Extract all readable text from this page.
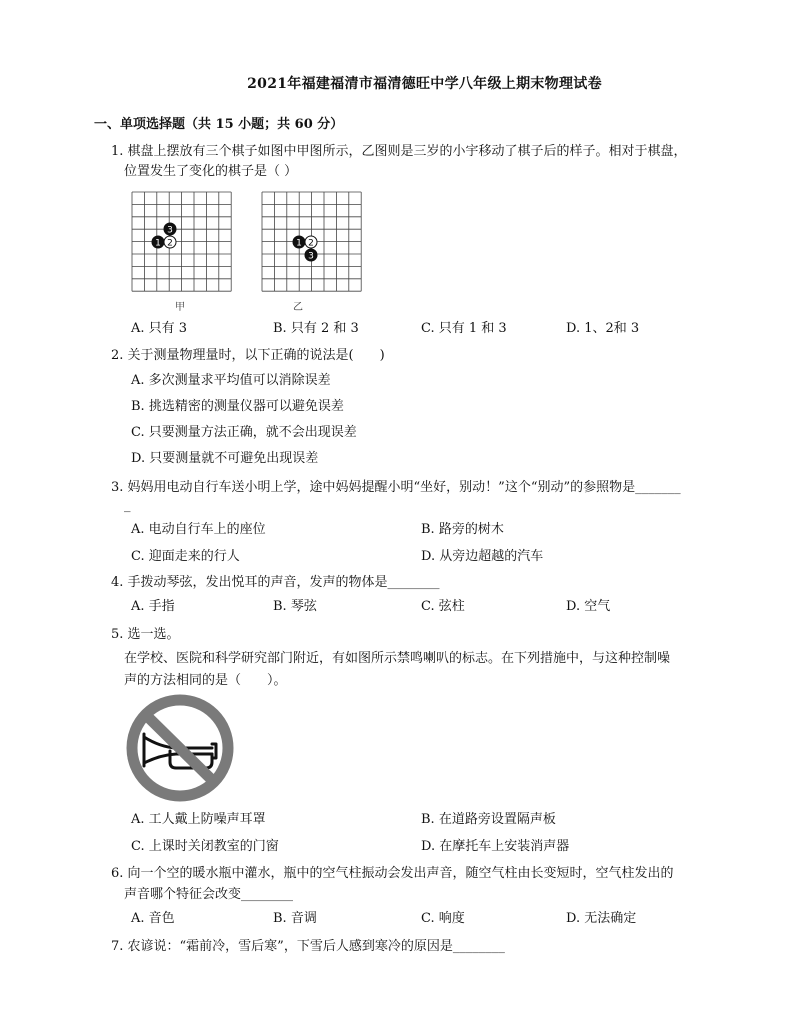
2021年福建福清市福清德旺中学八年级上期末物理试卷
一、单项选择题（共 15 小题；共 60 分）
1. 棋盘上摆放有三个棋子如图中甲图所示，乙图则是三岁的小宇移动了棋子后的样子。相对于棋盘，
位置发生了变化的棋子是（ ）
3
1 2	1 2
3
甲	乙
A. 只有 3	B. 只有 2 和 3	C. 只有 1 和 3	D. 1、2和 3
2. 关于测量物理量时，以下正确的说法是(　　)
A. 多次测量求平均值可以消除误差
B. 挑选精密的测量仪器可以避免误差
C. 只要测量方法正确，就不会出现误差
D. 只要测量就不可避免出现误差
3. 妈妈用电动自行车送小明上学，途中妈妈提醒小明“坐好，别动！”这个“别动”的参照物是_______
_
A. 电动自行车上的座位	B. 路旁的树木
C. 迎面走来的行人	D. 从旁边超越的汽车
4. 手拨动琴弦，发出悦耳的声音，发声的物体是________
A. 手指	B. 琴弦	C. 弦柱	D. 空气
5. 选一选。
在学校、医院和科学研究部门附近，有如图所示禁鸣喇叭的标志。在下列措施中，与这种控制噪
声的方法相同的是（　　）。
A. 工人戴上防噪声耳罩	B. 在道路旁设置隔声板
C. 上课时关闭教室的门窗	D. 在摩托车上安装消声器
6. 向一个空的暖水瓶中灌水，瓶中的空气柱振动会发出声音，随空气柱由长变短时，空气柱发出的
声音哪个特征会改变________
A. 音色	B. 音调	C. 响度	D. 无法确定
7. 农谚说：“霜前冷，雪后寒”，下雪后人感到寒冷的原因是________
